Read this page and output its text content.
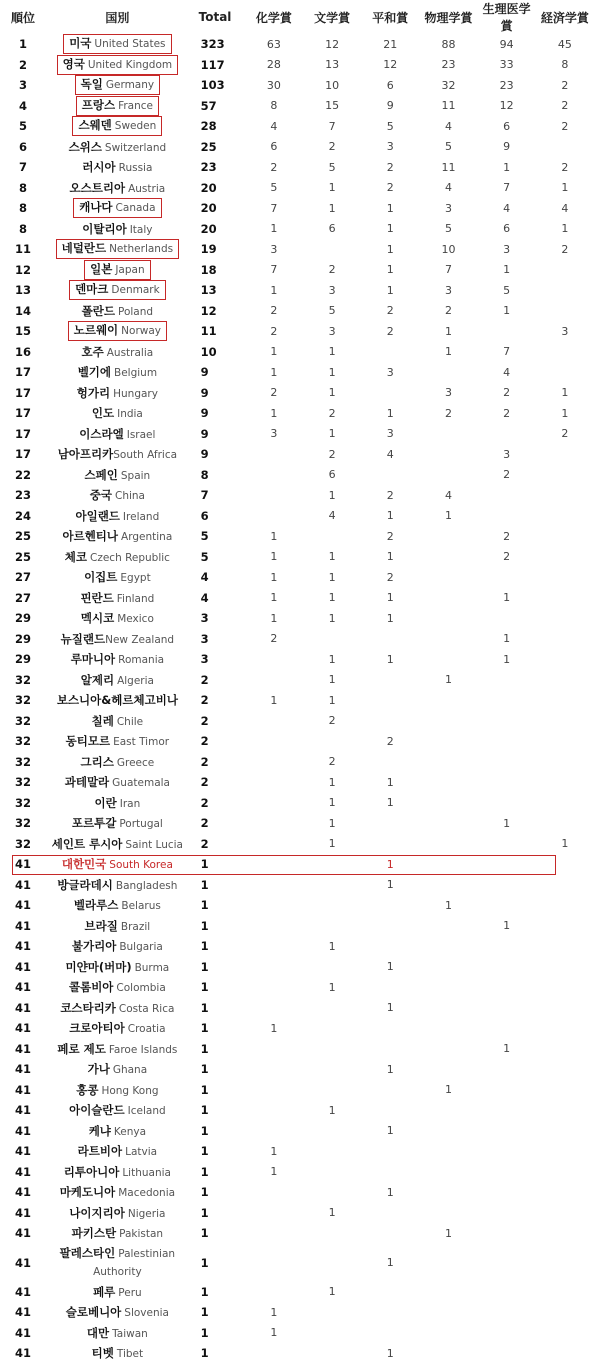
順位	国別	Total	化学賞	文学賞	平和賞	物理学賞	生理医学賞	経済学賞
1	미국 United States	323	63	12	21	88	94	45
2	영국 United Kingdom	117	28	13	12	23	33	8
3	독일 Germany	103	30	10	6	32	23	2
4	프랑스 France	57	8	15	9	11	12	2
5	스웨덴 Sweden	28	4	7	5	4	6	2
6	스위스 Switzerland	25	6	2	3	5	9	
7	러시아 Russia	23	2	5	2	11	1	2
8	오스트리아 Austria	20	5	1	2	4	7	1
8	캐나다 Canada	20	7	1	1	3	4	4
8	이탈리아 Italy	20	1	6	1	5	6	1
11	네덜란드 Netherlands	19	3		1	10	3	2
12	일본 Japan	18	7	2	1	7	1	
13	덴마크 Denmark	13	1	3	1	3	5	
14	폴란드 Poland	12	2	5	2	2	1	
15	노르웨이 Norway	11	2	3	2	1		3
16	호주 Australia	10	1	1		1	7	
17	벨기에 Belgium	9	1	1	3		4	
17	헝가리 Hungary	9	2	1		3	2	1
17	인도 India	9	1	2	1	2	2	1
17	이스라엘 Israel	9	3	1	3			2
17	남아프리카South Africa	9		2	4		3	
22	스페인 Spain	8		6			2	
23	중국 China	7		1	2	4		
24	아일랜드 Ireland	6		4	1	1		
25	아르헨티나 Argentina	5	1		2		2	
25	체코 Czech Republic	5	1	1	1		2	
27	이집트 Egypt	4	1	1	2			
27	핀란드 Finland	4	1	1	1		1	
29	멕시코 Mexico	3	1	1	1			
29	뉴질랜드New Zealand	3	2				1	
29	루마니아 Romania	3		1	1		1	
32	알제리 Algeria	2		1		1		
32	보스니아&헤르체고비나	2	1	1				
32	칠레 Chile	2		2				
32	동티모르 East Timor	2			2			
32	그리스 Greece	2		2				
32	과테말라 Guatemala	2		1	1			
32	이란 Iran	2		1	1			
32	포르투갈 Portugal	2		1			1	
32	세인트 루시아 Saint Lucia	2		1				1
41	대한민국 South Korea	1			1			
41	방글라데시 Bangladesh	1			1			
41	벨라루스 Belarus	1				1		
41	브라질 Brazil	1					1	
41	불가리아 Bulgaria	1		1				
41	미얀마(버마) Burma	1			1			
41	콜롬비아 Colombia	1		1				
41	코스타리카 Costa Rica	1			1			
41	크로아티아 Croatia	1	1					
41	페로 제도 Faroe Islands	1					1	
41	가나 Ghana	1			1			
41	홍콩 Hong Kong	1				1		
41	아이슬란드 Iceland	1		1				
41	케냐 Kenya	1			1			
41	라트비아 Latvia	1	1					
41	리투아니아 Lithuania	1	1					
41	마케도니아 Macedonia	1			1			
41	나이지리아 Nigeria	1		1				
41	파키스탄 Pakistan	1				1		
41	팔레스타인 Palestinian Authority	1			1			
41	페루 Peru	1		1				
41	슬로베니아 Slovenia	1	1					
41	대만 Taiwan	1	1					
41	티벳 Tibet	1			1			
